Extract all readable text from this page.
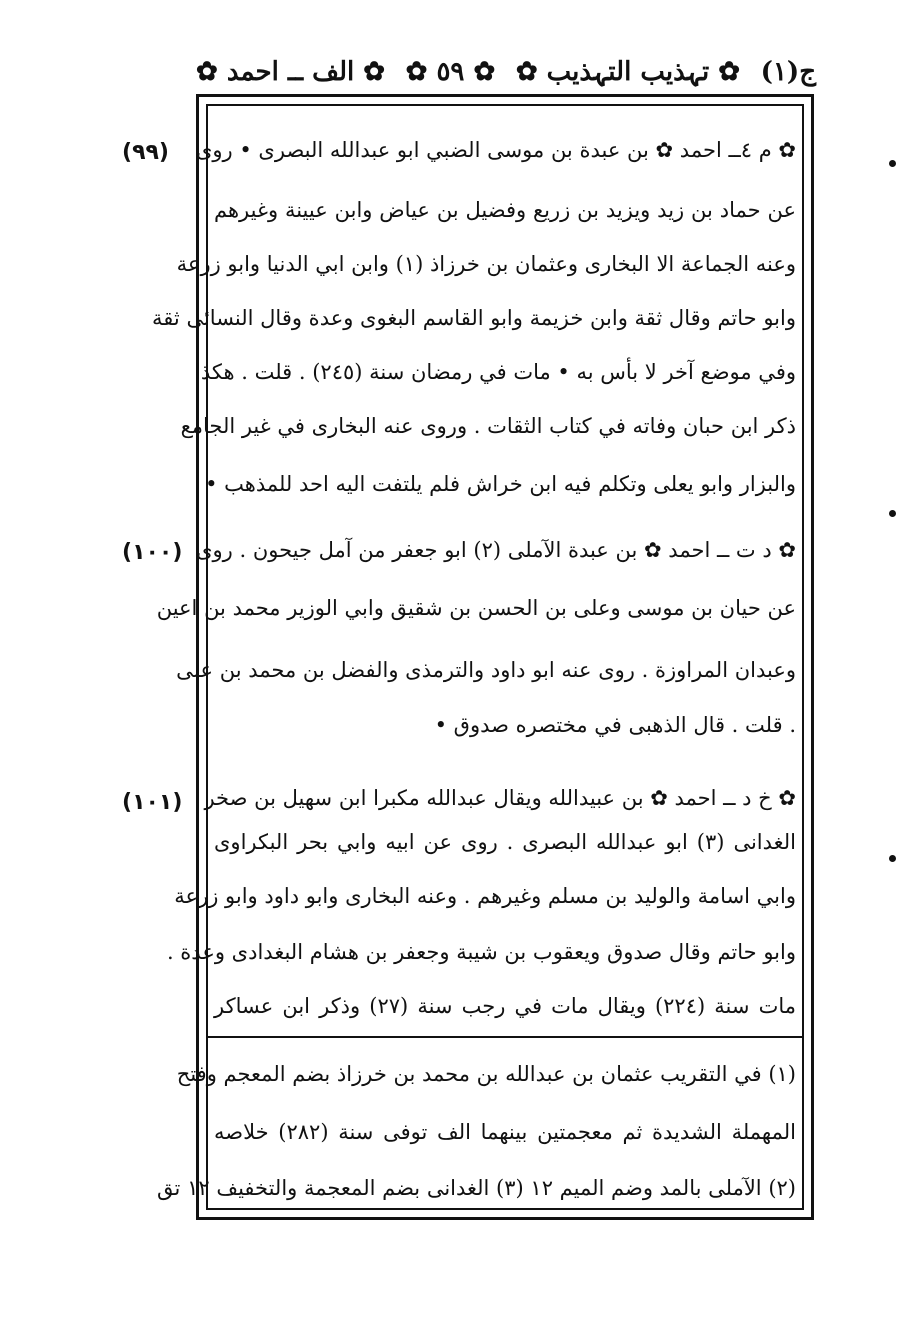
ج(١)
✿ تہذیب التہذیب ✿
✿ ٥٩ ✿
✿ الف ــ احمد ✿
(٩٩)	✿ م ٤ــ احمد ✿ بن عبدة بن موسى الضبي ابو عبدالله البصرى • روى
عن حماد بن زيد ويزيد بن زريع وفضيل بن عياض وابن عيينة وغيرهم
وعنه الجماعة الا البخارى وعثمان بن خرزاذ (١) وابن ابي الدنيا وابو زرعة
وابو حاتم وقال ثقة وابن خزيمة وابو القاسم البغوى وعدة وقال النسائى ثقة
وفي موضع آخر لا بأس به • مات في رمضان سنة (٢٤٥) . قلت . هكذا
ذكر ابن حبان وفاته في كتاب الثقات . وروى عنه البخارى في غير الجامع
والبزار وابو يعلى وتكلم فيه ابن خراش فلم يلتفت اليه احد للمذهب •
(١٠٠) ✿ د ت ــ احمد ✿ بن عبدة الآملى (٢) ابو جعفر من آمل جيحون . روى
عن حيان بن موسى وعلى بن الحسن بن شقيق وابي الوزير محمد بن اعين
وعبدان المراوزة . روى عنه ابو داود والترمذى والفضل بن محمد بن على
. قلت . قال الذهبى في مختصره صدوق •
(١٠١)	✿ خ د ــ احمد ✿ بن عبيدالله ويقال عبدالله مكبرا ابن سهيل بن صخر
الغدانى (٣) ابو عبدالله البصرى . روى عن ابيه وابي بحر البكراوى
وابي اسامة والوليد بن مسلم وغيرهم . وعنه البخارى وابو داود وابو زرعة
وابو حاتم وقال صدوق ويعقوب بن شيبة وجعفر بن هشام البغدادى وعدة .
مات سنة (٢٢٤) ويقال مات في رجب سنة (٢٧) وذكر ابن عساكر
(١) في التقريب عثمان بن عبدالله بن محمد بن خرزاذ بضم المعجم وفتح
المهملة الشديدة ثم معجمتين بينهما الف توفى سنة (٢٨٢) خلاصه
(٢) الآملى بالمد وضم الميم ١٢ (٣) الغدانى بضم المعجمة والتخفيف ١٢ تق
